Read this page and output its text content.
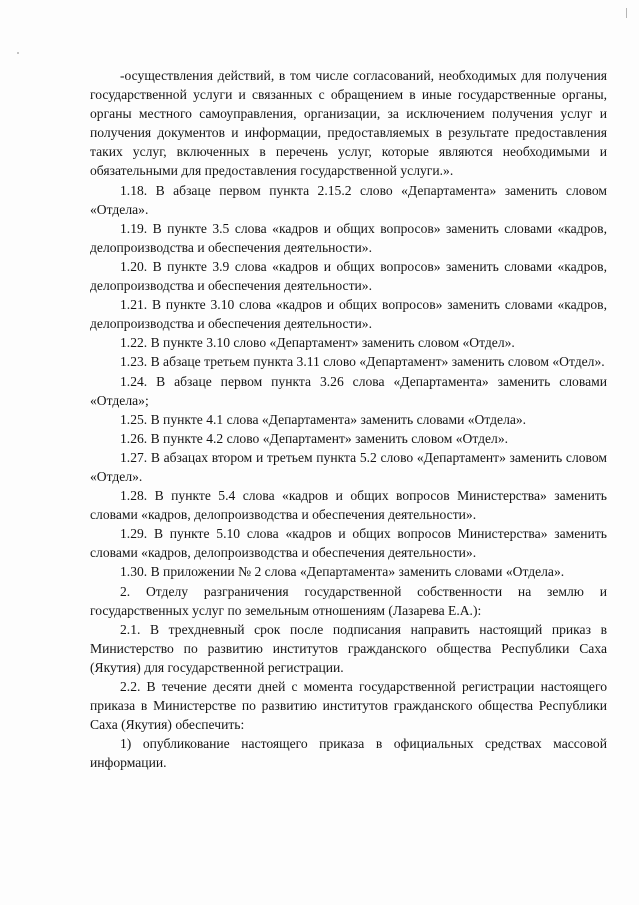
-осуществления действий, в том числе согласований, необходимых для получения государственной услуги и связанных с обращением в иные государственные органы, органы местного самоуправления, организации, за исключением получения услуг и получения документов и информации, предоставляемых в результате предоставления таких услуг, включенных в перечень услуг, которые являются необходимыми и обязательными для предоставления государственной услуги.».

1.18. В абзаце первом пункта 2.15.2 слово «Департамента» заменить словом «Отдела».

1.19. В пункте 3.5 слова «кадров и общих вопросов» заменить словами «кадров, делопроизводства и обеспечения деятельности».

1.20. В пункте 3.9 слова «кадров и общих вопросов» заменить словами «кадров, делопроизводства и обеспечения деятельности».

1.21. В пункте 3.10 слова «кадров и общих вопросов» заменить словами «кадров, делопроизводства и обеспечения деятельности».

1.22. В пункте 3.10 слово «Департамент» заменить словом «Отдел».

1.23. В абзаце третьем пункта 3.11 слово «Департамент» заменить словом «Отдел».

1.24. В абзаце первом пункта 3.26 слова «Департамента» заменить словами «Отдела»;

1.25. В пункте 4.1 слова «Департамента» заменить словами «Отдела».

1.26. В пункте 4.2 слово «Департамент» заменить словом «Отдел».

1.27. В абзацах втором и третьем пункта 5.2 слово «Департамент» заменить словом «Отдел».

1.28. В пункте 5.4 слова «кадров и общих вопросов Министерства» заменить словами «кадров, делопроизводства и обеспечения деятельности».

1.29. В пункте 5.10 слова «кадров и общих вопросов Министерства» заменить словами «кадров, делопроизводства и обеспечения деятельности».

1.30. В приложении № 2 слова «Департамента» заменить словами «Отдела».

2. Отделу разграничения государственной собственности на землю и государственных услуг по земельным отношениям (Лазарева Е.А.):

2.1. В трехдневный срок после подписания направить настоящий приказ в Министерство по развитию институтов гражданского общества Республики Саха (Якутия) для государственной регистрации.

2.2. В течение десяти дней с момента государственной регистрации настоящего приказа в Министерстве по развитию институтов гражданского общества Республики Саха (Якутия) обеспечить:

1) опубликование настоящего приказа в официальных средствах массовой информации.
